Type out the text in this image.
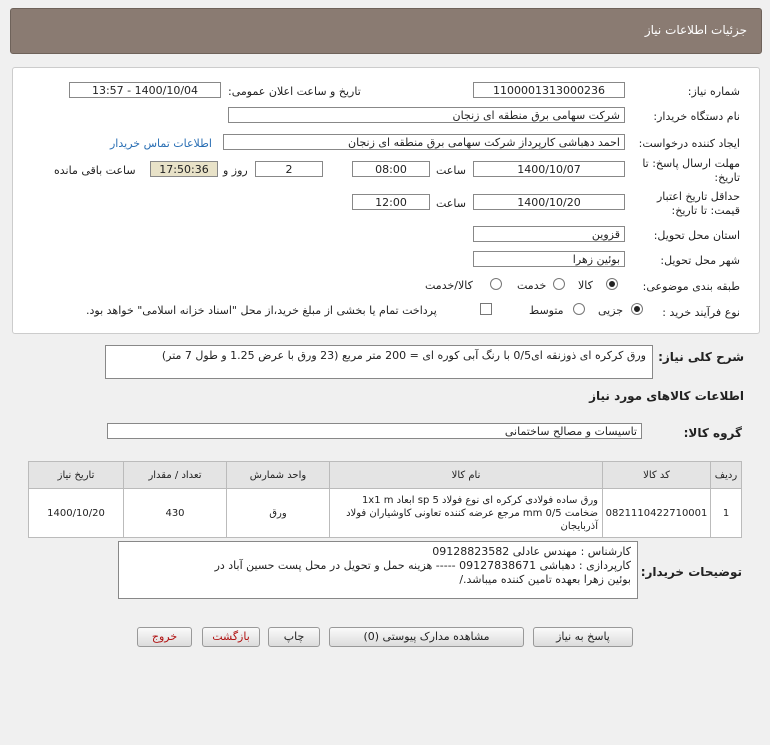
جزئیات اطلاعات نیاز
شماره نیاز:
1100001313000236
تاریخ و ساعت اعلان عمومی:
1400/10/04 - 13:57
نام دستگاه خریدار:
شرکت سهامی برق منطقه ای زنجان
ایجاد کننده درخواست:
احمد دهباشی کارپرداز شرکت سهامی برق منطقه ای زنجان
اطلاعات تماس خریدار
مهلت ارسال پاسخ: تا
تاریخ:
1400/10/07
ساعت
08:00
2
روز و
17:50:36
ساعت باقی مانده
حداقل تاریخ اعتبار
قیمت: تا تاریخ:
1400/10/20
ساعت
12:00
استان محل تحویل:
قزوین
شهر محل تحویل:
بوئین زهرا
طبقه بندی موضوعی:
کالا
خدمت
کالا/خدمت
نوع فرآیند خرید :
جزیی
متوسط
پرداخت تمام یا بخشی از مبلغ خرید،از محل "اسناد خزانه اسلامی" خواهد بود.
شرح کلی نیاز:
ورق کرکره ای ذوزنقه ای0/5 با رنگ آبی کوره ای = 200 متر مربع (23 ورق با عرض 1.25 و طول 7 متر)
اطلاعات کالاهای مورد نیاز
گروه کالا:
تاسیسات و مصالح ساختمانی
ردیف	کد کالا	نام کالا	واحد شمارش	تعداد / مقدار	تاریخ نیاز
1	0821110422710001	ورق ساده فولادی کرکره ای نوع فولاد sp 5 ابعاد 1x1 m ضخامت 0/5 mm مرجع عرضه کننده تعاونی کاوشیاران فولاد آذربایجان	ورق	430	1400/10/20
توضیحات خریدار:
کارشناس : مهندس عادلی 09128823582
کارپردازی : دهباشی 09127838671 ----- هزینه حمل و تحویل در محل پست حسین آباد در
بوئین زهرا بعهده تامین کننده میباشد./
پاسخ به نیاز
مشاهده مدارک پیوستی (0)
چاپ
بازگشت
خروج
